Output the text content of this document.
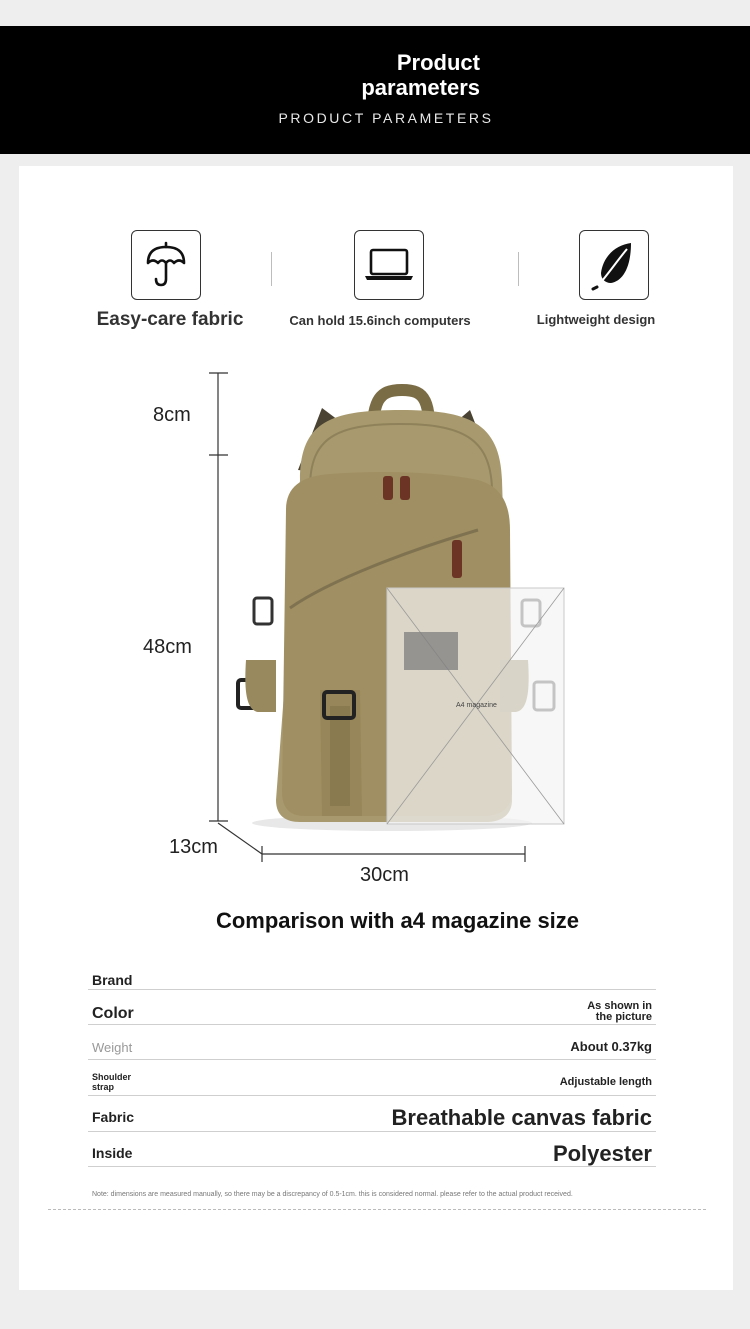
Product parameters
PRODUCT PARAMETERS
Easy-care fabric	Can hold 15.6inch computers	Lightweight design
8cm
48cm
13cm
30cm
A4 magazine
Comparison with a4 magazine size
Brand
Color	As shown in the picture
Weight	About 0.37kg
Shoulder strap	Adjustable length
Fabric	Breathable canvas fabric
Inside	Polyester
Note: dimensions are measured manually, so there may be a discrepancy of 0.5-1cm. this is considered normal. please refer to the actual product received.
